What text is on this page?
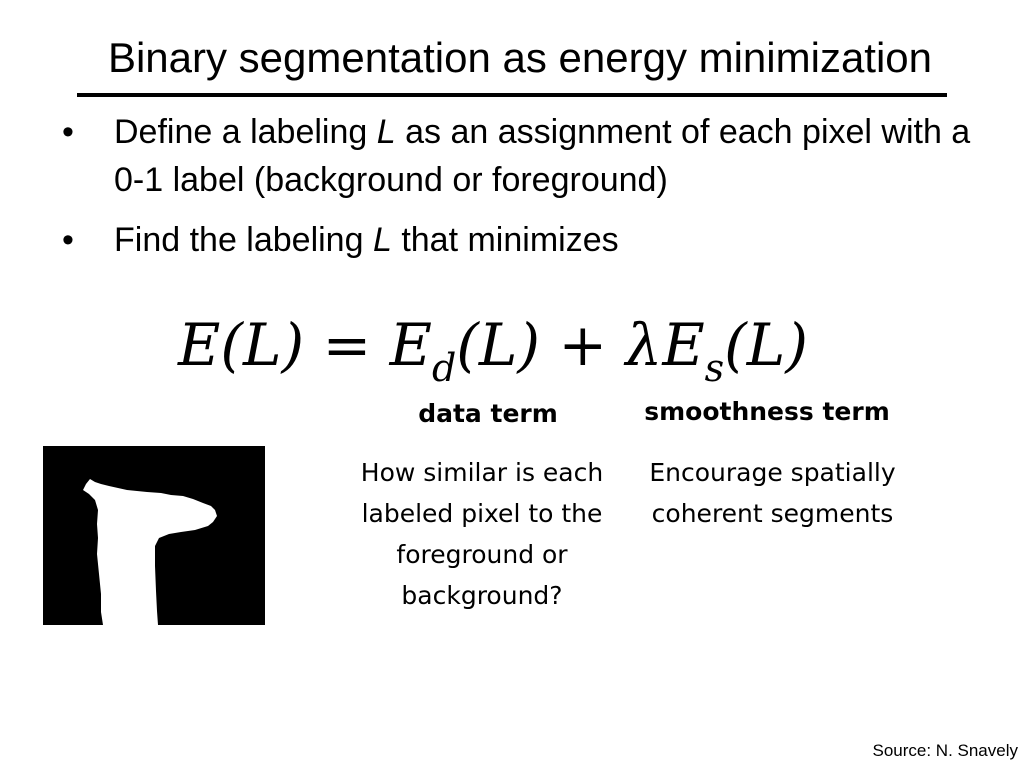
Binary segmentation as energy minimization
• Define a labeling L as an assignment of each pixel with a 0-1 label (background or foreground)
• Find the labeling L that minimizes
$E(L) = E_d(L) + \lambda E_s(L)$
data term	smoothness term
How similar is each labeled pixel to the foreground or background?
Encourage spatially coherent segments
Source: N. Snavely
